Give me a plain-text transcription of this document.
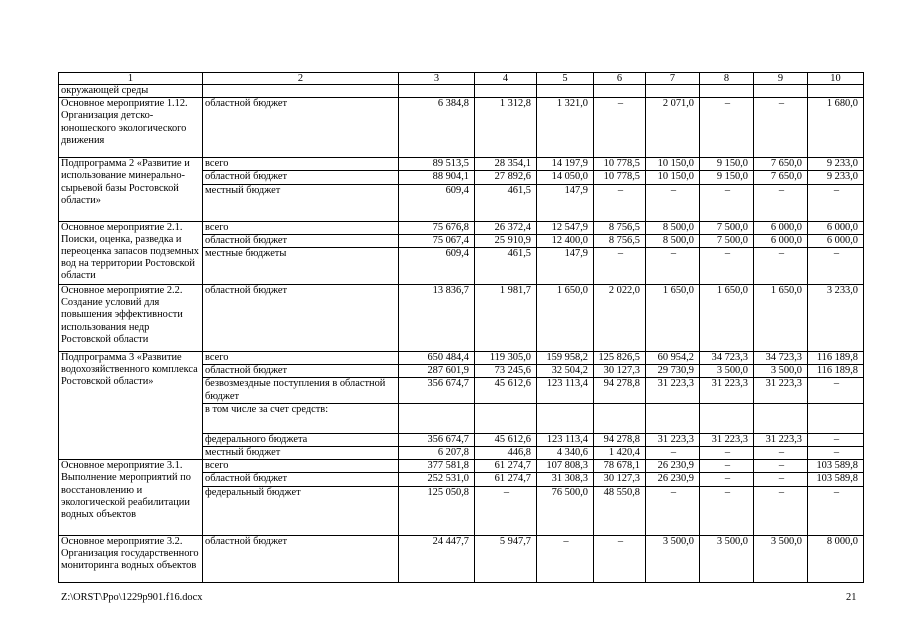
1	2	3	4	5	6	7	8	9	10
окружающей среды									
Основное мероприятие 1.12. Организация детско-юношеского экологического движения	областной бюджет	6 384,8	1 312,8	1 321,0	–	2 071,0	–	–	1 680,0
Подпрограмма 2 «Развитие и использование минерально-сырьевой базы Ростовской области»	всего	89 513,5	28 354,1	14 197,9	10 778,5	10 150,0	9 150,0	7 650,0	9 233,0
	областной бюджет	88 904,1	27 892,6	14 050,0	10 778,5	10 150,0	9 150,0	7 650,0	9 233,0
	местный бюджет	609,4	461,5	147,9	–	–	–	–	–
Основное мероприятие 2.1. Поиски, оценка, разведка и переоценка запасов подземных вод на территории Ростовской области	всего	75 676,8	26 372,4	12 547,9	8 756,5	8 500,0	7 500,0	6 000,0	6 000,0
	областной бюджет	75 067,4	25 910,9	12 400,0	8 756,5	8 500,0	7 500,0	6 000,0	6 000,0
	местные бюджеты	609,4	461,5	147,9	–	–	–	–	–
Основное мероприятие 2.2. Создание условий для повышения эффективности использования недр Ростовской области	областной бюджет	13 836,7	1 981,7	1 650,0	2 022,0	1 650,0	1 650,0	1 650,0	3 233,0
Подпрограмма 3 «Развитие водохозяйственного комплекса Ростовской области»	всего	650 484,4	119 305,0	159 958,2	125 826,5	60 954,2	34 723,3	34 723,3	116 189,8
	областной бюджет	287 601,9	73 245,6	32 504,2	30 127,3	29 730,9	3 500,0	3 500,0	116 189,8
	безвозмездные поступления в областной бюджет	356 674,7	45 612,6	123 113,4	94 278,8	31 223,3	31 223,3	31 223,3	–
	в том числе за счет средств:								
	федерального бюджета	356 674,7	45 612,6	123 113,4	94 278,8	31 223,3	31 223,3	31 223,3	–
	местный бюджет	6 207,8	446,8	4 340,6	1 420,4	–	–	–	–
Основное мероприятие 3.1. Выполнение мероприятий по восстановлению и экологической реабилитации водных объектов	всего	377 581,8	61 274,7	107 808,3	78 678,1	26 230,9	–	–	103 589,8
	областной бюджет	252 531,0	61 274,7	31 308,3	30 127,3	26 230,9	–	–	103 589,8
	федеральный бюджет	125 050,8	–	76 500,0	48 550,8	–	–	–	–
Основное мероприятие 3.2. Организация государственного мониторинга водных объектов	областной бюджет	24 447,7	5 947,7	–	–	3 500,0	3 500,0	3 500,0	8 000,0
Z:\ORST\Ppo\1229p901.f16.docx	21
